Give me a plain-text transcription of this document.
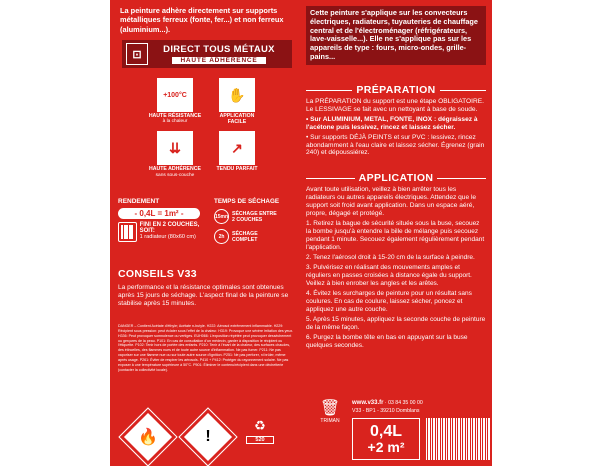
La peinture adhère directement sur supports métalliques ferreux (fonte, fer...) et non ferreux (aluminium...).
⊡	DIRECT TOUS MÉTAUX
HAUTE ADHÉRENCE
+100°C
HAUTE RÉSISTANCE
à la chaleur
✋
APPLICATION
FACILE
⇊
HAUTE ADHÉRENCE
sans sous-couche
↗
TENDU PARFAIT
RENDEMENT
- 0,4L = 1m² -
FINI EN 2 COUCHES, SOIT:
1 radiateur (80x60 cm)
TEMPS DE SÉCHAGE
15mn SÉCHAGE ENTRE
2 COUCHES
2h	SÉCHAGE
COMPLET
CONSEILS V33

La performance et la résistance optimales sont obtenues après 15 jours de séchage. L'aspect final de la peinture se stabilise après 15 minutes.

DANGER – Contient Acétate d'éthyle; Acétate n-butyle. H222: Aérosol extrêmement inflammable. H229: Récipient sous pression: peut éclater sous l'effet de la chaleur. H319: Provoque une sévère irritation des yeux. H336: Peut provoquer somnolence ou vertiges. EUH066: L'exposition répétée peut provoquer dessèchement ou gerçures de la peau. P101: En cas de consultation d'un médecin, garder à disposition le récipient ou l'étiquette. P102: Tenir hors de portée des enfants. P210: Tenir à l'écart de la chaleur, des surfaces chaudes, des étincelles, des flammes nues et de toute autre source d'inflammation. Ne pas fumer. P211: Ne pas vaporiser sur une flamme nue ou sur toute autre source d'ignition. P251: Ne pas perforer, ni brûler, même après usage. P261: Éviter de respirer les aérosols. P410 + P412: Protéger du rayonnement solaire. Ne pas exposer à une température supérieure à 50°C. P501: Éliminer le contenu/récipient dans une déchetterie (contacter la collectivité locale).
🔥	!
♻
520
Cette peinture s'applique sur les convecteurs électriques, radiateurs, tuyauteries de chauffage central et de l'électroménager (réfrigérateurs, lave-vaisselle...). Elle ne s'applique pas sur les appareils de type : fours, micro-ondes, grille-pains...
PRÉPARATION

La PRÉPARATION du support est une étape OBLIGATOIRE. Le LESSIVAGE se fait avec un nettoyant à base de soude.

• Sur ALUMINIUM, METAL, FONTE, INOX : dégraissez à l'acétone puis lessivez, rincez et laissez sécher.

• Sur supports DÉJÀ PEINTS et sur PVC : lessivez, rincez abondamment à l'eau claire et laissez sécher. Égrenez (grain 240) et dépoussiérez.

APPLICATION

Avant toute utilisation, veillez à bien arrêter tous les radiateurs ou autres appareils électriques. Attendez que le support soit froid avant application. Dans un espace aéré, propre, dégagé et protégé.

1. Retirez la bague de sécurité située sous la buse, secouez la bombe jusqu'à entendre la bille de mélange puis secouez pendant 1 minute. Secouez également régulièrement pendant l'application.
2. Tenez l'aérosol droit à 15-20 cm de la surface à peindre.
3. Pulvérisez en réalisant des mouvements amples et réguliers en passes croisées à distance égale du support. Veillez à bien enrober les angles et les arêtes.
4. Évitez les surcharges de peinture pour un résultat sans coulures. En cas de coulure, laissez sécher, poncez et appliquez une autre couche.
5. Après 15 minutes, appliquez la seconde couche de peinture de la même façon.
6. Purgez la bombe tête en bas en appuyant sur la buse quelques secondes.
🗑
TRIMAN
www.v33.fr · 03 84 35 00 00
V33 - BP1 - 39210 Domblans
0,4L
+2 m²
